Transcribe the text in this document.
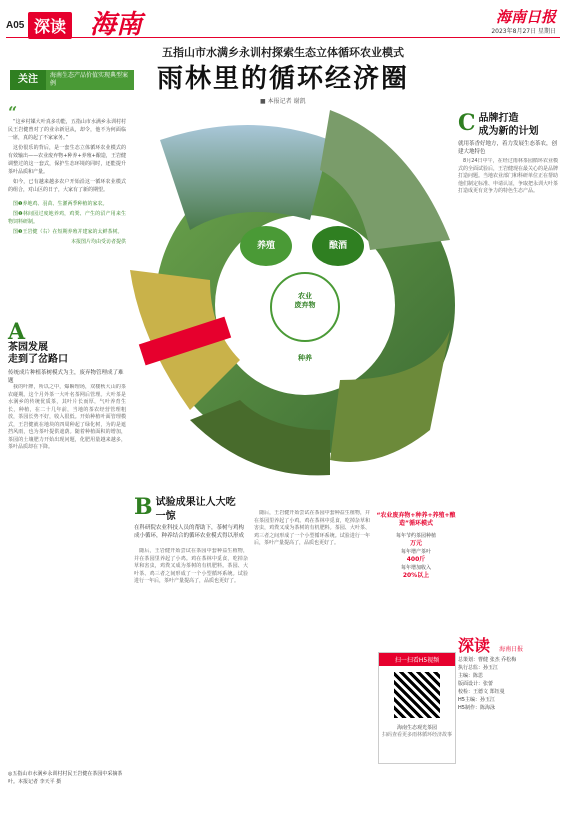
A05 深读 海南	海南日报
2023年8月27日 星期日
五指山市水满乡永训村探索生态立体循环农业模式
雨林里的循环经济圈
■ 本报记者 谢凯
关注	海南生态产品价值实现典型案例
“

“这乡村媒大叶真多功能，五指山市水满乡永训村村民王岩健曾对了的业余新冠从，却令，他不为何面临一席，真的起了不家家务。”

这份很乐的背后，是一套生态立体循环农业模式的有效输出——农业废弃物+种养+养殖+酿造，王岩健调整过的这一套式，保护生态环境的同时，还能提升茶叶品质和产量。

如今，已有越来越多农户开始沿这一循环农业模式的组合，对山区的日子，大家有了新的期望。

图❶养地鸡、羽苗、生灌两季种植的家农。

图❷林间园过度地养鸡，鸡粪、产生的沼产用来生物饲料研制。

图❸王岩健（右）在短期养殖并建家的太鲜茶树。

本报图片均由受访者提供

A
茶园发展
走到了岔路口
传统成片种植茶树模式为主，废弃物管理成了难题

我的叶牌，所以之中，爆瞬理场，双楼秋大山的茶农碰期。这个月外茶一大叶名茶网后管理。大叶茶是水满乡的传统优质茶，其叶片长而厚，气叶养育生长，种植，在二十几年前，当地的茶农经营管理粗放，茶园长势不好，收入很低。开始种植叶面管理模式，王岩健就在地块的四周种起了绿化树，为的是遮挡风雨，也为茶叶提供遮荫。随着种植面积的增加，茶园的土壤肥力开始出现问题，化肥用量越来越多，茶叶品质却在下降。

养殖	酿酒
农业
废弃物
种养
B 试验成果让人大吃一惊
在科研院农业科技人员的帮助下，茶树与鸡构成小循环，种养结合的循环农业模式得以形成

随后，王岩健开始尝试在茶园中套种益生植物，并在茶园里养起了小鸡。鸡在茶林中觅食，吃掉杂草和害虫，鸡粪又成为茶树的有机肥料。茶园、大叶茶、鸡三者之间形成了一个小型循环系统。试验进行一年后，茶叶产量提高了，品质也更好了。

随后，王岩健开始尝试在茶园中套种益生植物，并在茶园里养起了小鸡。鸡在茶林中觅食，吃掉杂草和害虫，鸡粪又成为茶树的有机肥料。茶园、大叶茶、鸡三者之间形成了一个小型循环系统。试验进行一年后，茶叶产量提高了，品质也更好了。

“农业废弃物+种养+养殖+酿造”循环模式
每年节约茶园种植
万元
每年增产茶叶
400斤
每年增加收入
20%以上
扫一扫看H5视频
海南生态观光茶园
扫码查看更多雨林循环经济故事
C 品牌打造
成为新的计划
就用茶香好地方，着力发展生态茶农，创建大地特色

8月24日中午，在经过雨林茶园循环农业模式的全面试验后，王岩健现在最关心的是品牌打造问题。当地农业部门和科研单位正在帮助他们制定标准、申请认证，争取把永训大叶茶打造成更有竞争力的特色生态产品。

深读 海南日报
总策划：曹健 张杰 乔松梅
执行总监：孙玉江
主编：陈思
版面设计：张蕾
校检：王德文 郑钰曼
H5主编：孙玉江
H5制作：陈海泳
◎五指山市水满乡永训村村民王岩健在茶园中采摘茶叶。本报记者 李天平 摄
